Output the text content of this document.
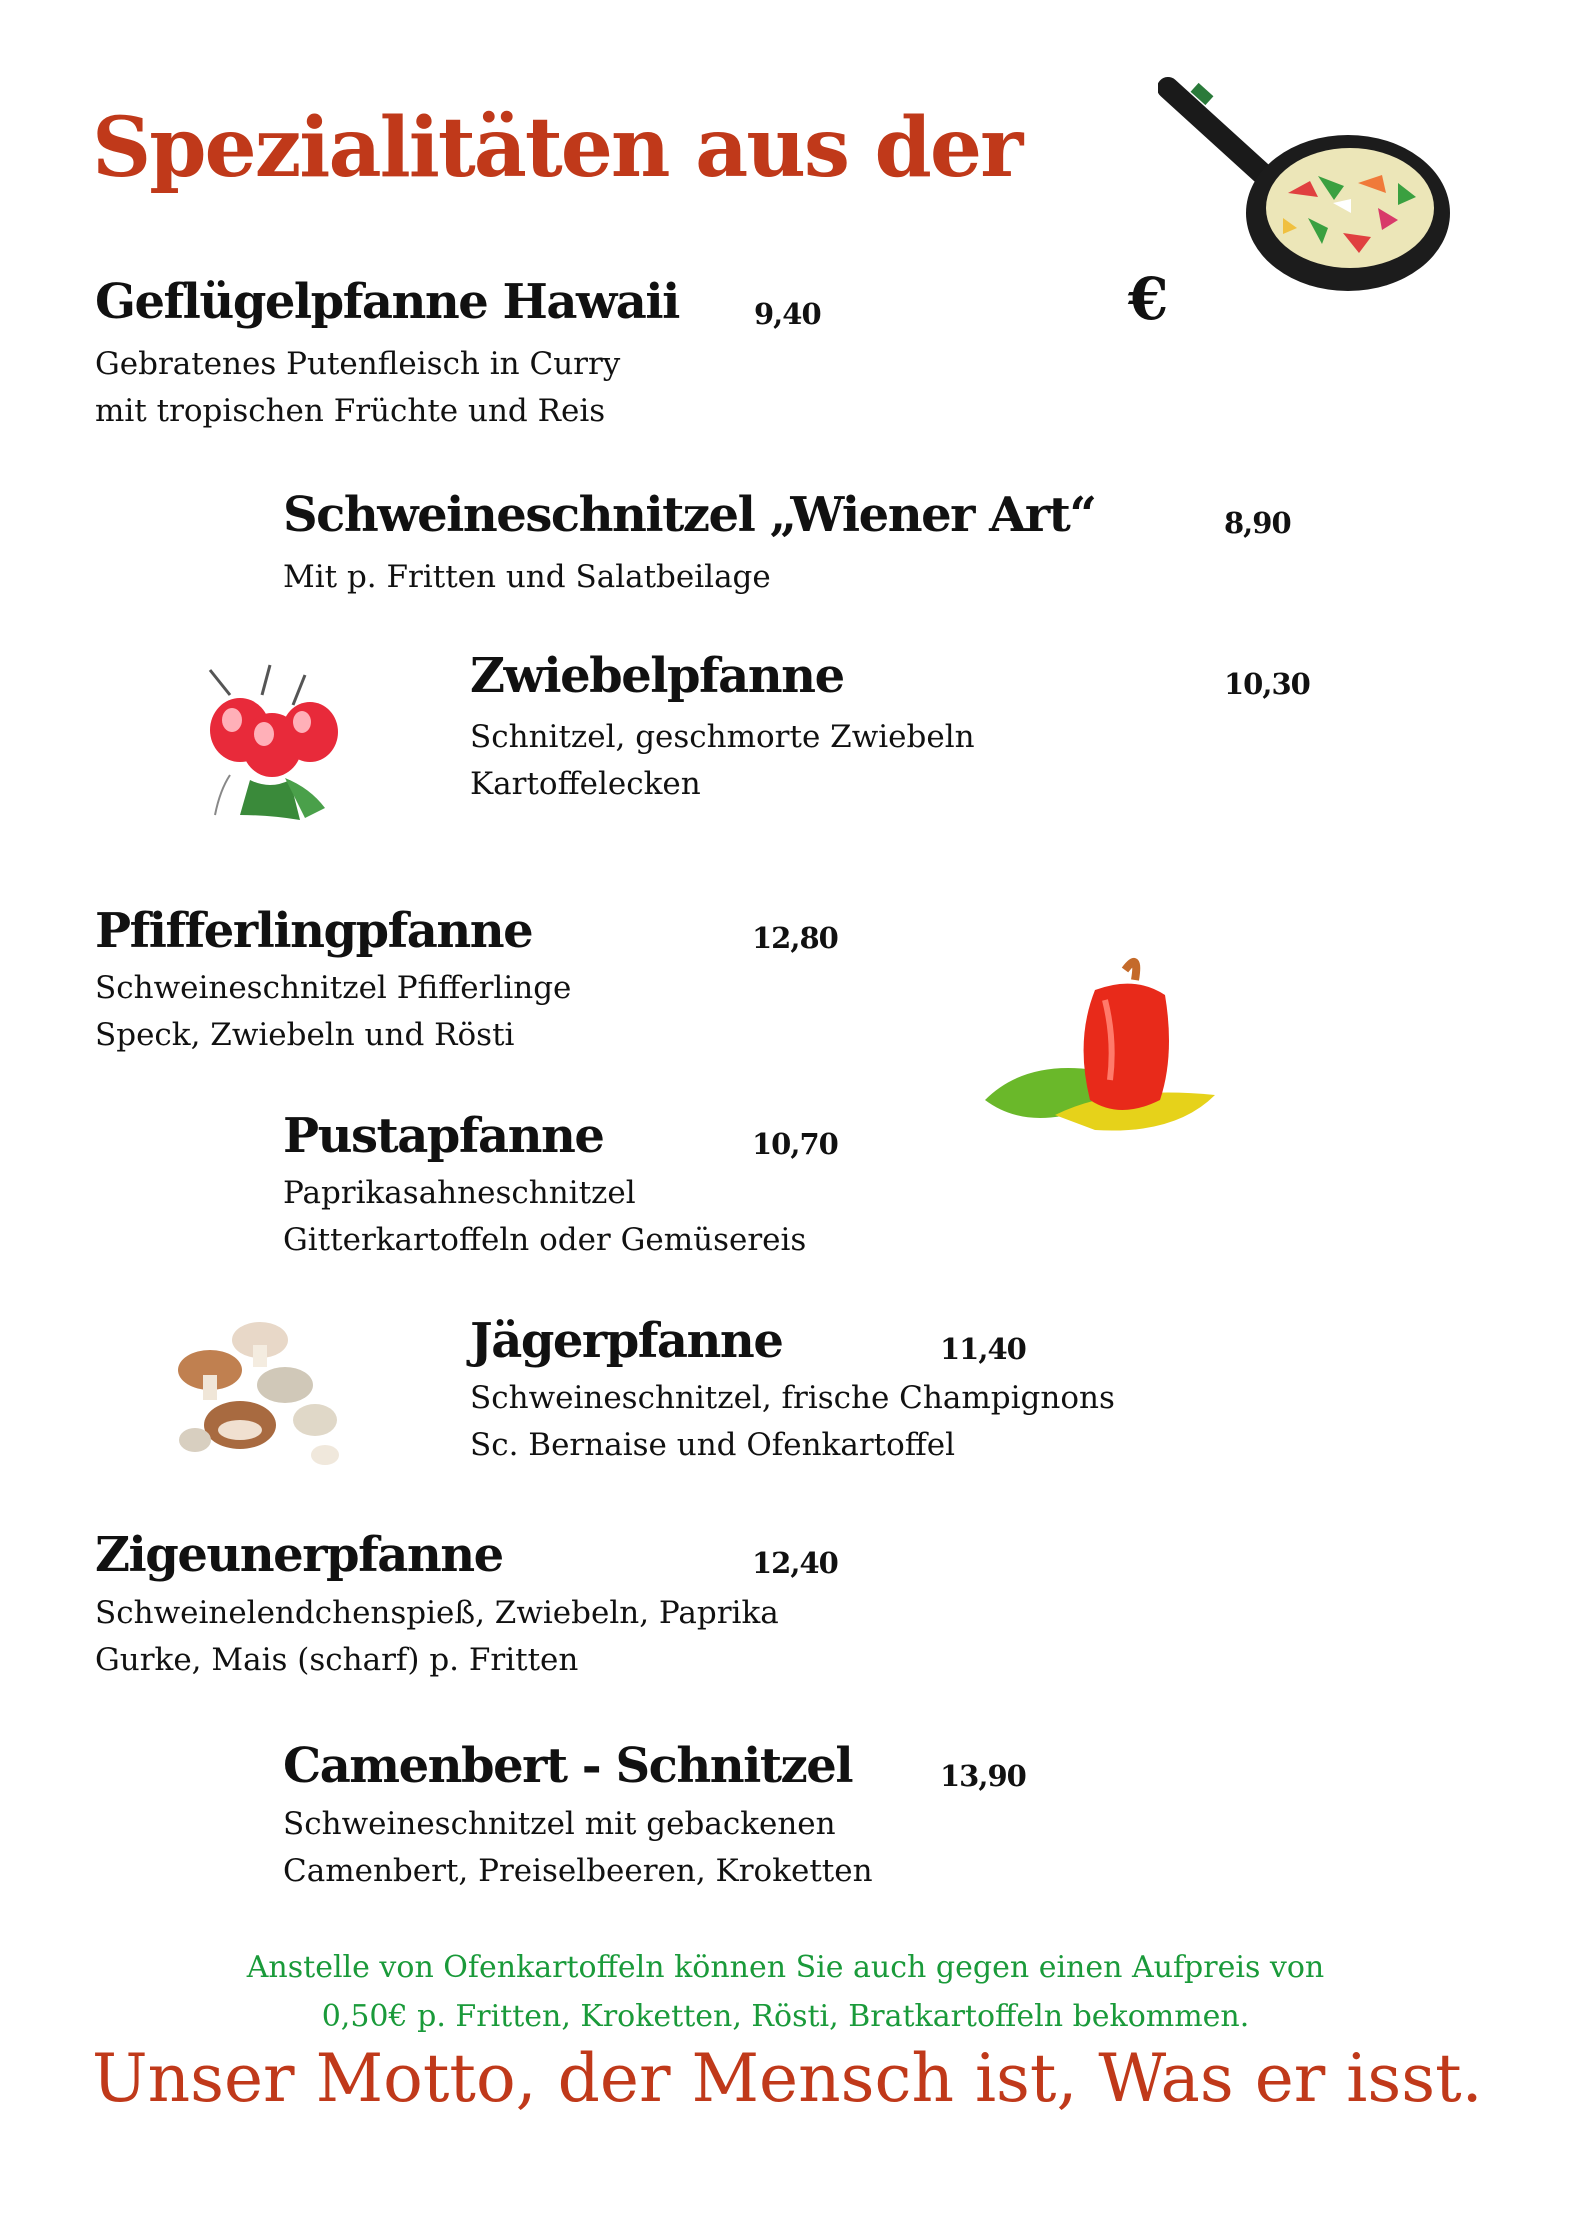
Spezialitäten aus der
€
Geflügelpfanne Hawaii	9,40
Gebratenes Putenfleisch in Curry
mit tropischen Früchte und Reis
Schweineschnitzel „Wiener Art“	8,90
Mit p. Fritten und Salatbeilage
Zwiebelpfanne	10,30
Schnitzel, geschmorte Zwiebeln
Kartoffelecken
Pfifferlingpfanne	12,80
Schweineschnitzel Pfifferlinge
Speck, Zwiebeln und Rösti
Pustapfanne	10,70
Paprikasahneschnitzel
Gitterkartoffeln oder Gemüsereis
Jägerpfanne	11,40
Schweineschnitzel, frische Champignons
Sc. Bernaise und Ofenkartoffel
Zigeunerpfanne	12,40
Schweinelendchenspieß, Zwiebeln, Paprika
Gurke, Mais (scharf) p. Fritten
Camenbert - Schnitzel	13,90
Schweineschnitzel mit gebackenen
Camenbert, Preiselbeeren, Kroketten
Anstelle von Ofenkartoffeln können Sie auch gegen einen Aufpreis von
0,50€ p. Fritten, Kroketten, Rösti, Bratkartoffeln bekommen.
Unser Motto, der Mensch ist, Was er isst.
